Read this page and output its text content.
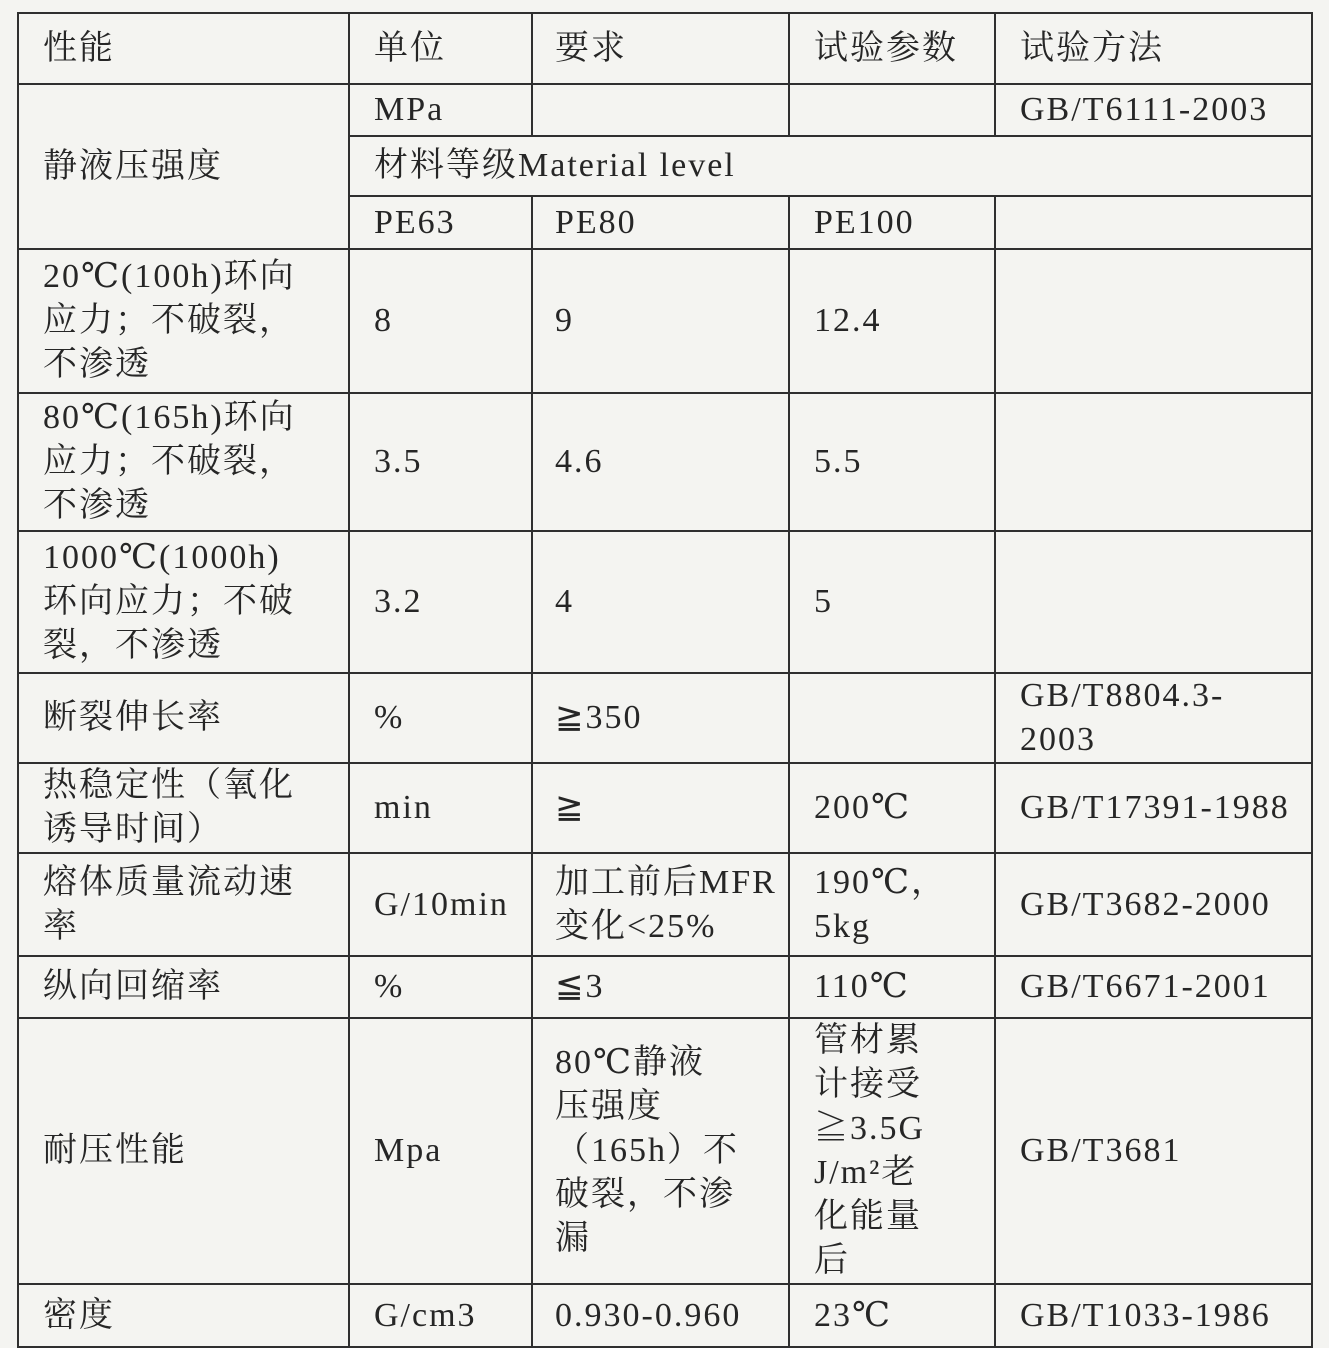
性能	单位	要求	试验参数	试验方法
静液压强度	MPa			GB/T6111-2003
	材料等级Material level			
	PE63	PE80	PE100	
20℃(100h)环向应力；不破裂，不渗透	8	9	12.4	
80℃(165h)环向应力；不破裂，不渗透	3.5	4.6	5.5	
1000℃(1000h)环向应力；不破裂，不渗透	3.2	4	5	
断裂伸长率	%	≧350		GB/T8804.3-2003

热稳定性（氧化诱导时间）	min	≧	200℃	GB/T17391-1988
熔体质量流动速率	G/10min	加工前后MFR变化<25%	190℃，5kg	GB/T3682-2000
纵向回缩率	%	≦3	110℃	GB/T6671-2001
耐压性能	Mpa	80℃静液压强度（165h）不破裂，不渗漏	管材累计接受≧3.5GJ/m²老化能量后	GB/T3681
密度	G/cm3	0.930-0.960	23℃	GB/T1033-1986
